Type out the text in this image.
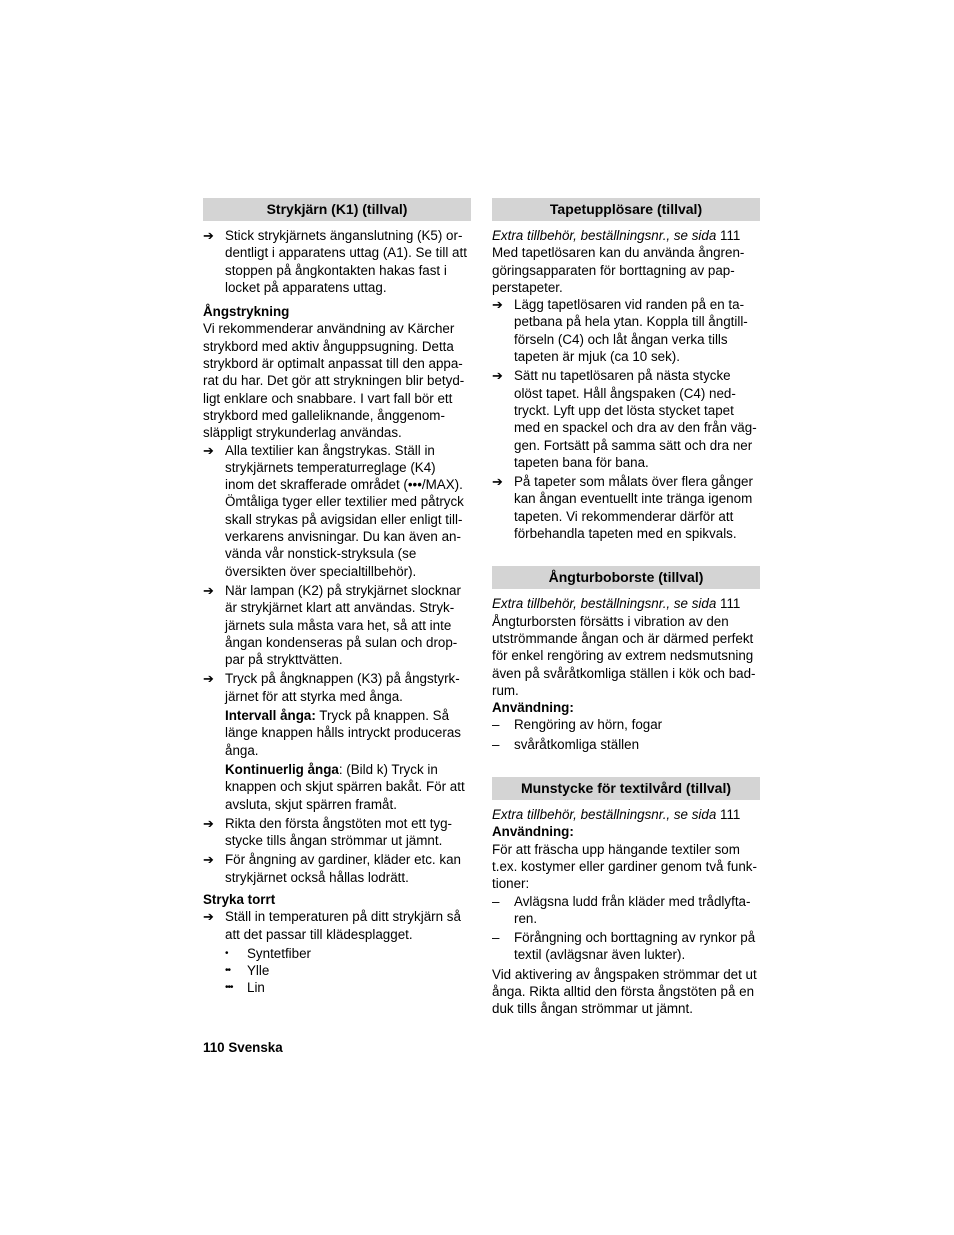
Strykjärn (K1) (tillval)
➔ Stick strykjärnets änganslutning (K5) or-
dentligt i apparatens uttag (A1). Se till att
stoppen på ångkontakten hakas fast i
locket på apparatens uttag.
Ångstrykning
Vi rekommenderar användning av Kärcher
strykbord med aktiv ånguppsugning. Detta
strykbord är optimalt anpassat till den appa-
rat du har. Det gör att strykningen blir betyd-
ligt enklare och snabbare. I vart fall bör ett
strykbord med galleliknande, ånggenom-
släppligt strykunderlag användas.
➔ Alla textilier kan ångstrykas. Ställ in
strykjärnets temperaturreglage (K4)
inom det skrafferade området (•••/MAX).
Ömtåliga tyger eller textilier med påtryck
skall strykas på avigsidan eller enligt till-
verkarens anvisningar. Du kan även an-
vända vår nonstick-stryksula (se
översikten över specialtillbehör).
➔ När lampan (K2) på strykjärnet slocknar
är strykjärnet klart att användas. Stryk-
järnets sula måsta vara het, så att inte
ångan kondenseras på sulan och drop-
par på strykttvätten.
➔ Tryck på ångknappen (K3) på ångstyrk-
järnet för att styrka med ånga.
Intervall ånga: Tryck på knappen. Så
länge knappen hålls intryckt produceras
ånga.
Kontinuerlig ånga: (Bild k) Tryck in
knappen och skjut spärren bakåt. För att
avsluta, skjut spärren framåt.
➔ Rikta den första ångstöten mot ett tyg-
stycke tills ångan strömmar ut jämnt.
➔ För ångning av gardiner, kläder etc. kan
strykjärnet också hållas lodrätt.
Stryka torrt
➔ Ställ in temperaturen på ditt strykjärn så
att det passar till klädesplagget.
• Syntetfiber
•• Ylle
••• Lin
Tapetupplösare (tillval)
Extra tillbehör, beställningsnr., se sida 111
Med tapetlösaren kan du använda ångren-
göringsapparaten för borttagning av pap-
perstapeter.
➔ Lägg tapetlösaren vid randen på en ta-
petbana på hela ytan. Koppla till ångtill-
förseln (C4) och låt ångan verka tills
tapeten är mjuk (ca 10 sek).
➔ Sätt nu tapetlösaren på nästa stycke
olöst tapet. Håll ångspaken (C4) ned-
tryckt. Lyft upp det lösta stycket tapet
med en spackel och dra av den från väg-
gen. Fortsätt på samma sätt och dra ner
tapeten bana för bana.
➔ På tapeter som målats över flera gånger
kan ångan eventuellt inte tränga igenom
tapeten. Vi rekommenderar därför att
förbehandla tapeten med en spikvals.
Ångturboborste (tillval)
Extra tillbehör, beställningsnr., se sida 111
Ångturborsten försätts i vibration av den
utströmmande ångan och är därmed perfekt
för enkel rengöring av extrem nedsmutsning
även på svåråtkomliga ställen i kök och bad-
rum.
Användning:
–	Rengöring av hörn, fogar
–	svåråtkomliga ställen
Munstycke för textilvård (tillval)
Extra tillbehör, beställningsnr., se sida 111
Användning:
För att fräscha upp hängande textiler som
t.ex. kostymer eller gardiner genom två funk-
tioner:
–	Avlägsna ludd från kläder med trådlyfta-
ren.
–	Förångning och borttagning av rynkor på
textil (avlägsnar även lukter).
Vid aktivering av ångspaken strömmar det ut
ånga. Rikta alltid den första ångstöten på en
duk tills ångan strömmar ut jämnt.
110 Svenska
